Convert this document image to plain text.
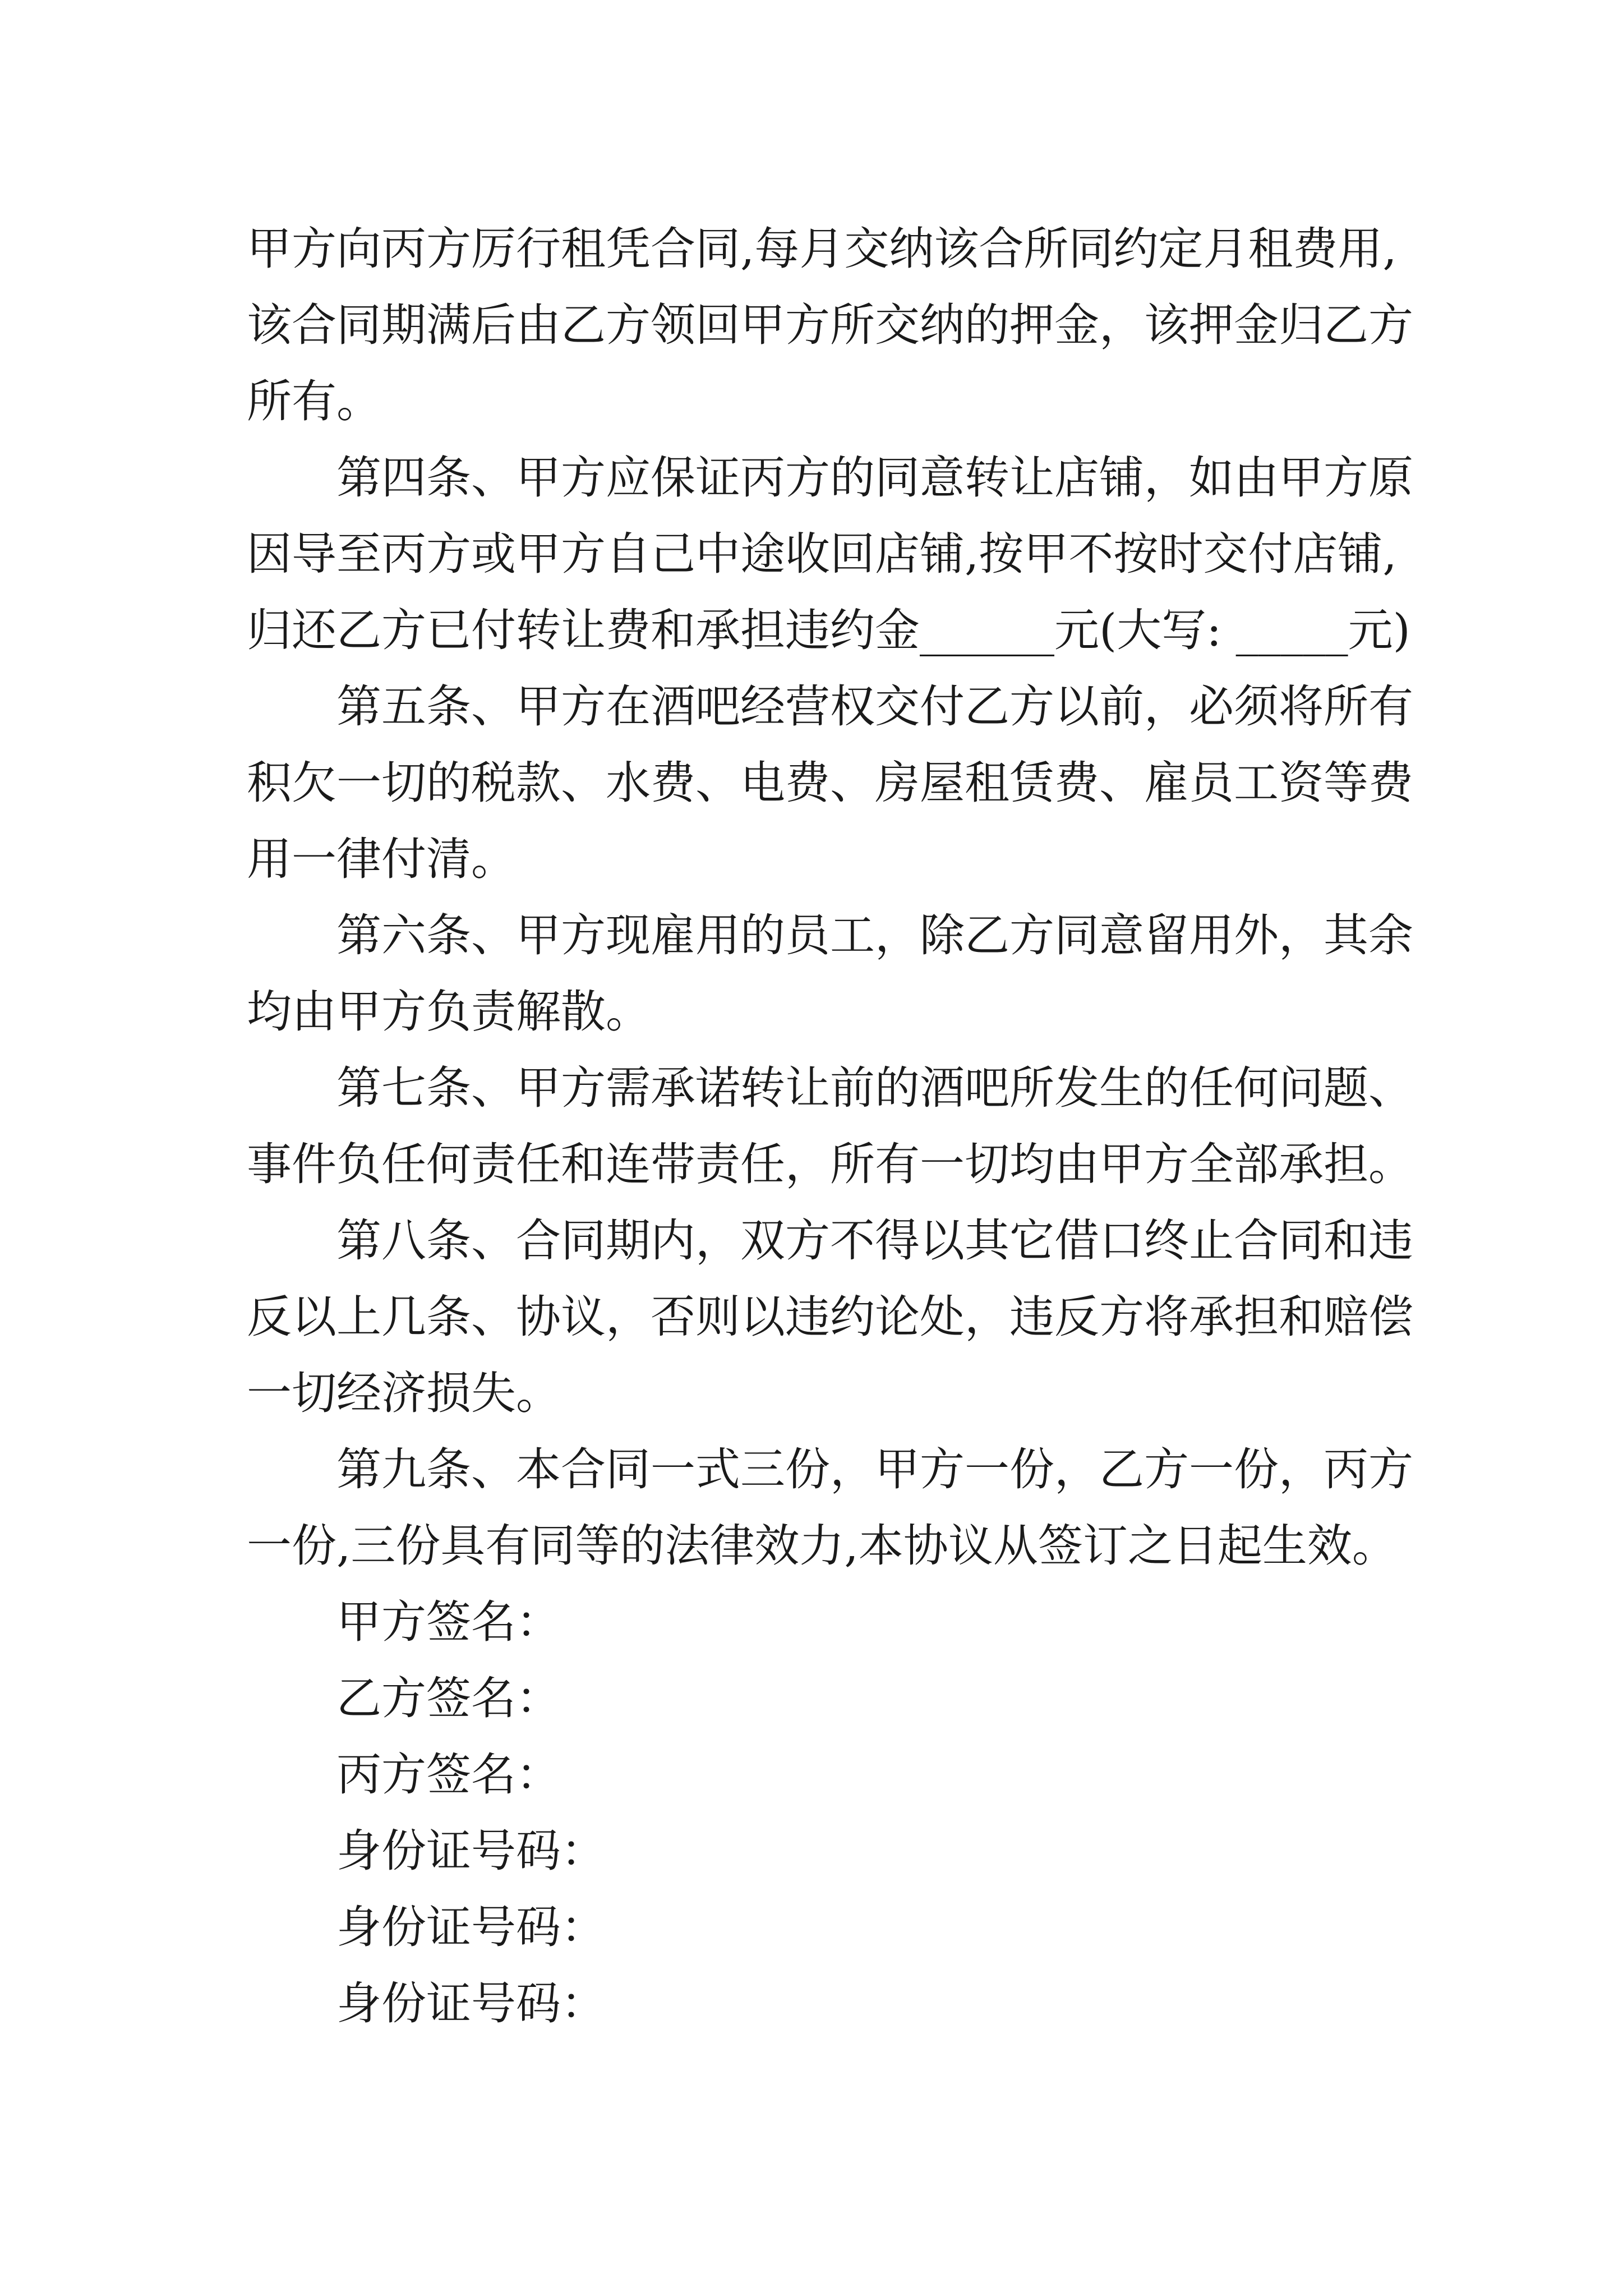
甲方向丙方厉行租凭合同,每月交纳该合所同约定月租费用,
该合同期满后由乙方领回甲方所交纳的押金，该押金归乙方
所有。
第四条、甲方应保证丙方的同意转让店铺，如由甲方原
因导至丙方或甲方自己中途收回店铺,按甲不按时交付店铺,
归还乙方已付转让费和承担违约金______元(大写: _____元)
第五条、甲方在酒吧经营权交付乙方以前，必须将所有
积欠一切的税款、水费、电费、房屋租赁费、雇员工资等费
用一律付清。
第六条、甲方现雇用的员工，除乙方同意留用外，其余
均由甲方负责解散。
第七条、甲方需承诺转让前的酒吧所发生的任何问题、
事件负任何责任和连带责任，所有一切均由甲方全部承担。
第八条、合同期内，双方不得以其它借口终止合同和违
反以上几条、协议，否则以违约论处，违反方将承担和赔偿
一切经济损失。
第九条、本合同一式三份，甲方一份，乙方一份，丙方
一份,三份具有同等的法律效力,本协议从签订之日起生效。
甲方签名：
乙方签名：
丙方签名：
身份证号码：
身份证号码：
身份证号码：
